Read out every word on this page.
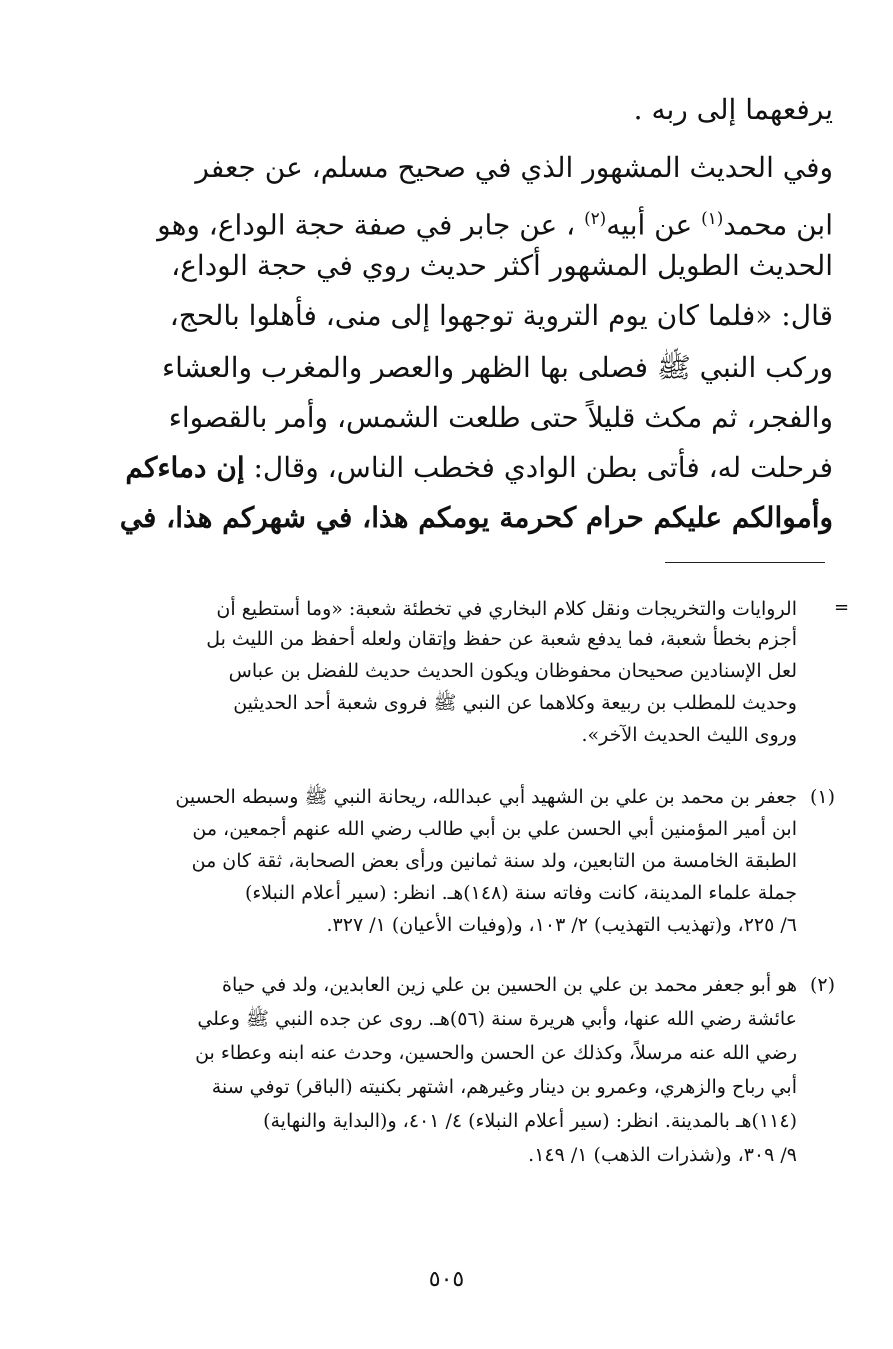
يرفعهما إلى ربه .
وفي الحديث المشهور الذي في صحيح مسلم، عن جعفر
ابن محمد$^{(١)}$ عن أبيه$^{(٢)}$ ، عن جابر في صفة حجة الوداع، وهو
الحديث الطويل المشهور أكثر حديث روي في حجة الوداع،
قال: «فلما كان يوم التروية توجهوا إلى منى، فأهلوا بالحج،
وركب النبي ﷺ فصلى بها الظهر والعصر والمغرب والعشاء
والفجر، ثم مكث قليلاً حتى طلعت الشمس، وأمر بالقصواء
فرحلت له، فأتى بطن الوادي فخطب الناس، وقال: إن دماءكم
وأموالكم عليكم حرام كحرمة يومكم هذا، في شهركم هذا، في
=
الروايات والتخريجات ونقل كلام البخاري في تخطئة شعبة: «وما أستطيع أن
أجزم بخطأ شعبة، فما يدفع شعبة عن حفظ وإتقان ولعله أحفظ من الليث بل
لعل الإسنادين صحيحان محفوظان ويكون الحديث حديث للفضل بن عباس
وحديث للمطلب بن ربيعة وكلاهما عن النبي ﷺ فروى شعبة أحد الحديثين
وروى الليث الحديث الآخر».
(١)
جعفر بن محمد بن علي بن الشهيد أبي عبدالله، ريحانة النبي ﷺ وسبطه الحسين
ابن أمير المؤمنين أبي الحسن علي بن أبي طالب رضي الله عنهم أجمعين، من
الطبقة الخامسة من التابعين، ولد سنة ثمانين ورأى بعض الصحابة، ثقة كان من
جملة علماء المدينة، كانت وفاته سنة (١٤٨)هـ. انظر: (سير أعلام النبلاء)
٦/ ٢٢٥، و(تهذيب التهذيب) ٢/ ١٠٣، و(وفيات الأعيان) ١/ ٣٢٧.
(٢)
هو أبو جعفر محمد بن علي بن الحسين بن علي زين العابدين، ولد في حياة
عائشة رضي الله عنها، وأبي هريرة سنة (٥٦)هـ. روى عن جده النبي ﷺ وعلي
رضي الله عنه مرسلاً، وكذلك عن الحسن والحسين، وحدث عنه ابنه وعطاء بن
أبي رباح والزهري، وعمرو بن دينار وغيرهم، اشتهر بكنيته (الباقر) توفي سنة
(١١٤)هـ بالمدينة. انظر: (سير أعلام النبلاء) ٤/ ٤٠١، و(البداية والنهاية)
٩/ ٣٠٩، و(شذرات الذهب) ١/ ١٤٩.
٥٠٥
